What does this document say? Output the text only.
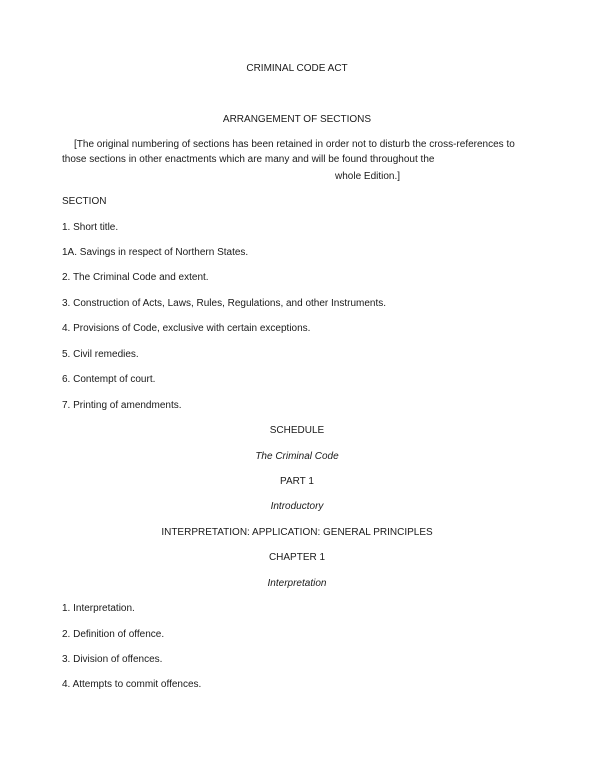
CRIMINAL CODE ACT
ARRANGEMENT OF SECTIONS
[The original numbering of sections has been retained in order not to disturb the cross-references to
those sections in other enactments which are many and will be found throughout the
whole Edition.]
SECTION
1. Short title.
1A. Savings in respect of Northern States.
2. The Criminal Code and extent.
3. Construction of Acts, Laws, Rules, Regulations, and other Instruments.
4. Provisions of Code, exclusive with certain exceptions.
5. Civil remedies.
6. Contempt of court.
7. Printing of amendments.
SCHEDULE
The Criminal Code
PART 1
Introductory
INTERPRETATION: APPLICATION: GENERAL PRINCIPLES
CHAPTER 1
Interpretation
1. Interpretation.
2. Definition of offence.
3. Division of offences.
4. Attempts to commit offences.
